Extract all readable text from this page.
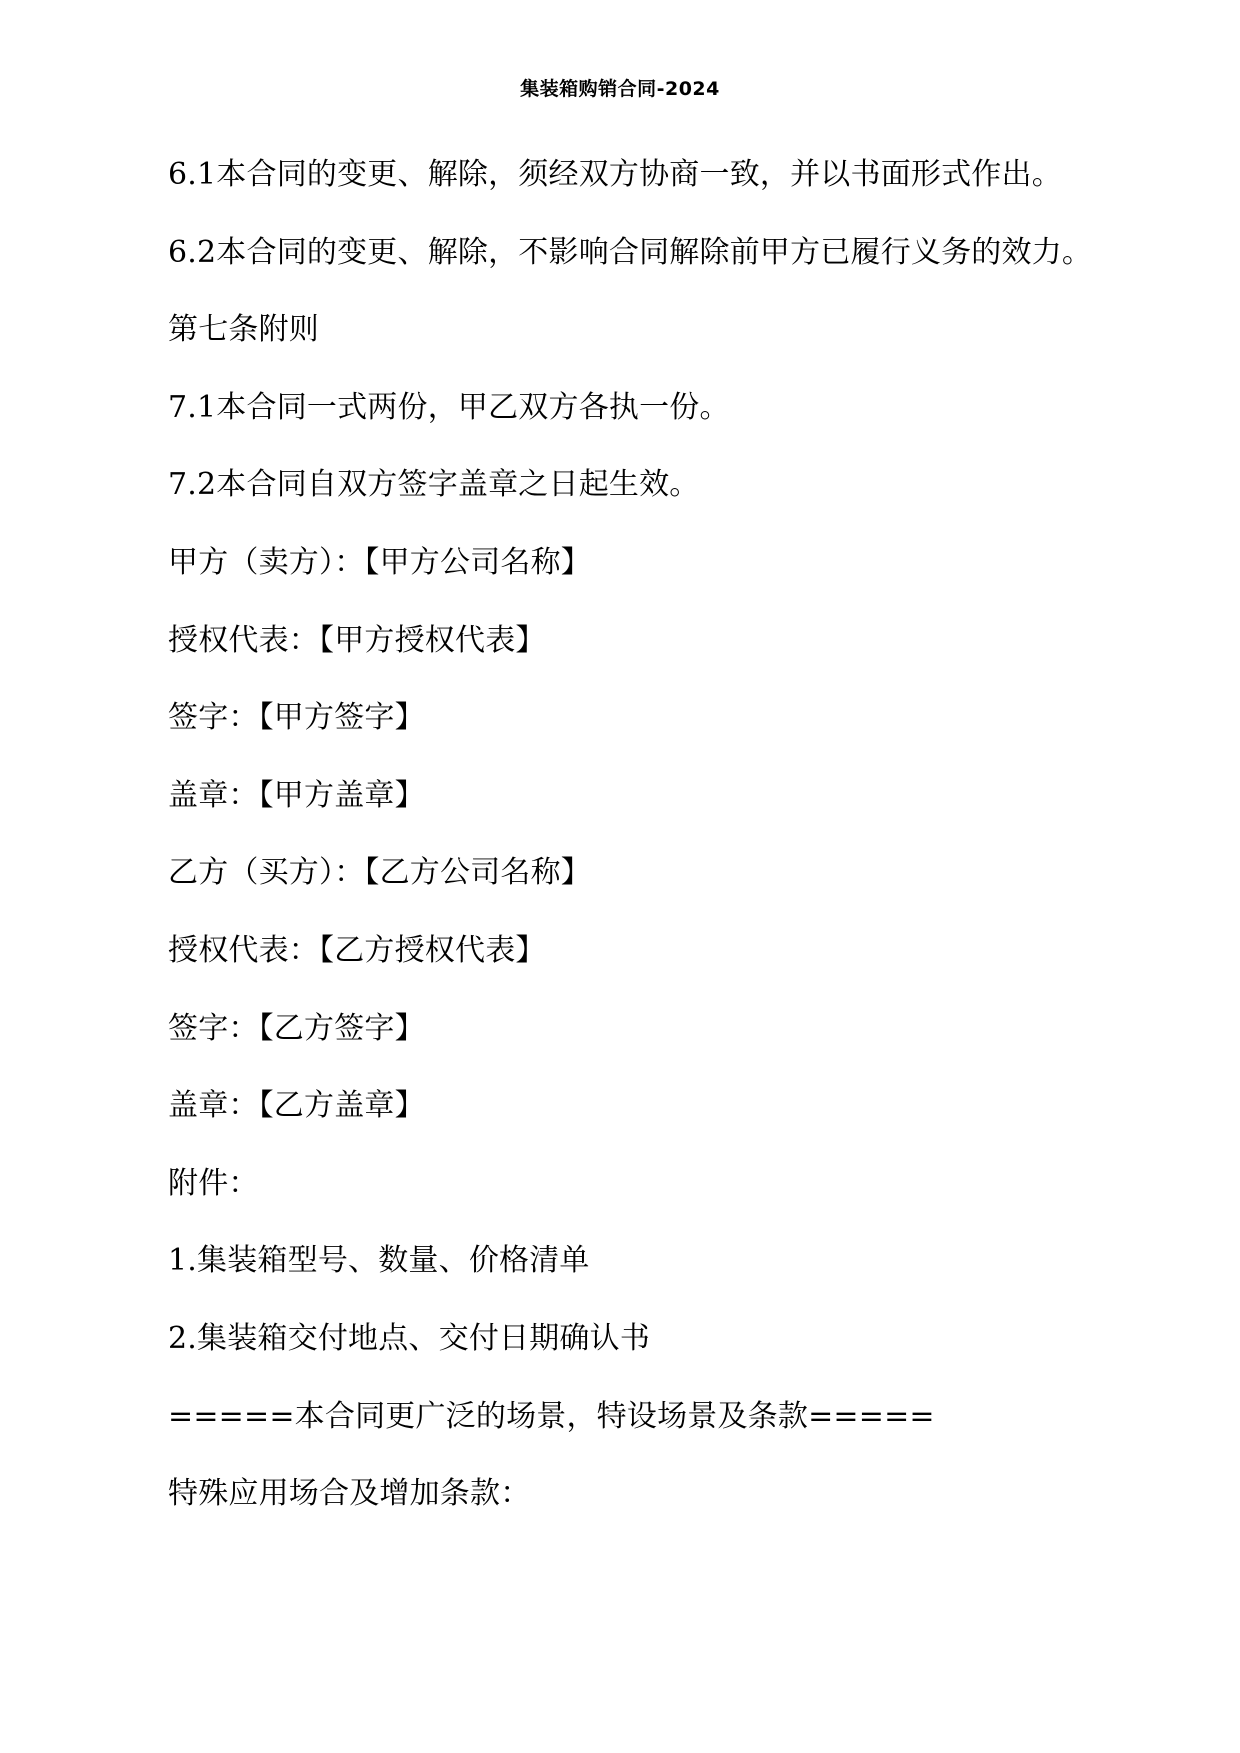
集装箱购销合同-2024

6.1本合同的变更、解除，须经双方协商一致，并以书面形式作出。

6.2本合同的变更、解除，不影响合同解除前甲方已履行义务的效力。

第七条附则

7.1本合同一式两份，甲乙双方各执一份。

7.2本合同自双方签字盖章之日起生效。

甲方（卖方）：【甲方公司名称】

授权代表：【甲方授权代表】

签字：【甲方签字】

盖章：【甲方盖章】

乙方（买方）：【乙方公司名称】

授权代表：【乙方授权代表】

签字：【乙方签字】

盖章：【乙方盖章】

附件：

1.集装箱型号、数量、价格清单

2.集装箱交付地点、交付日期确认书

=====本合同更广泛的场景，特设场景及条款=====

特殊应用场合及增加条款：
